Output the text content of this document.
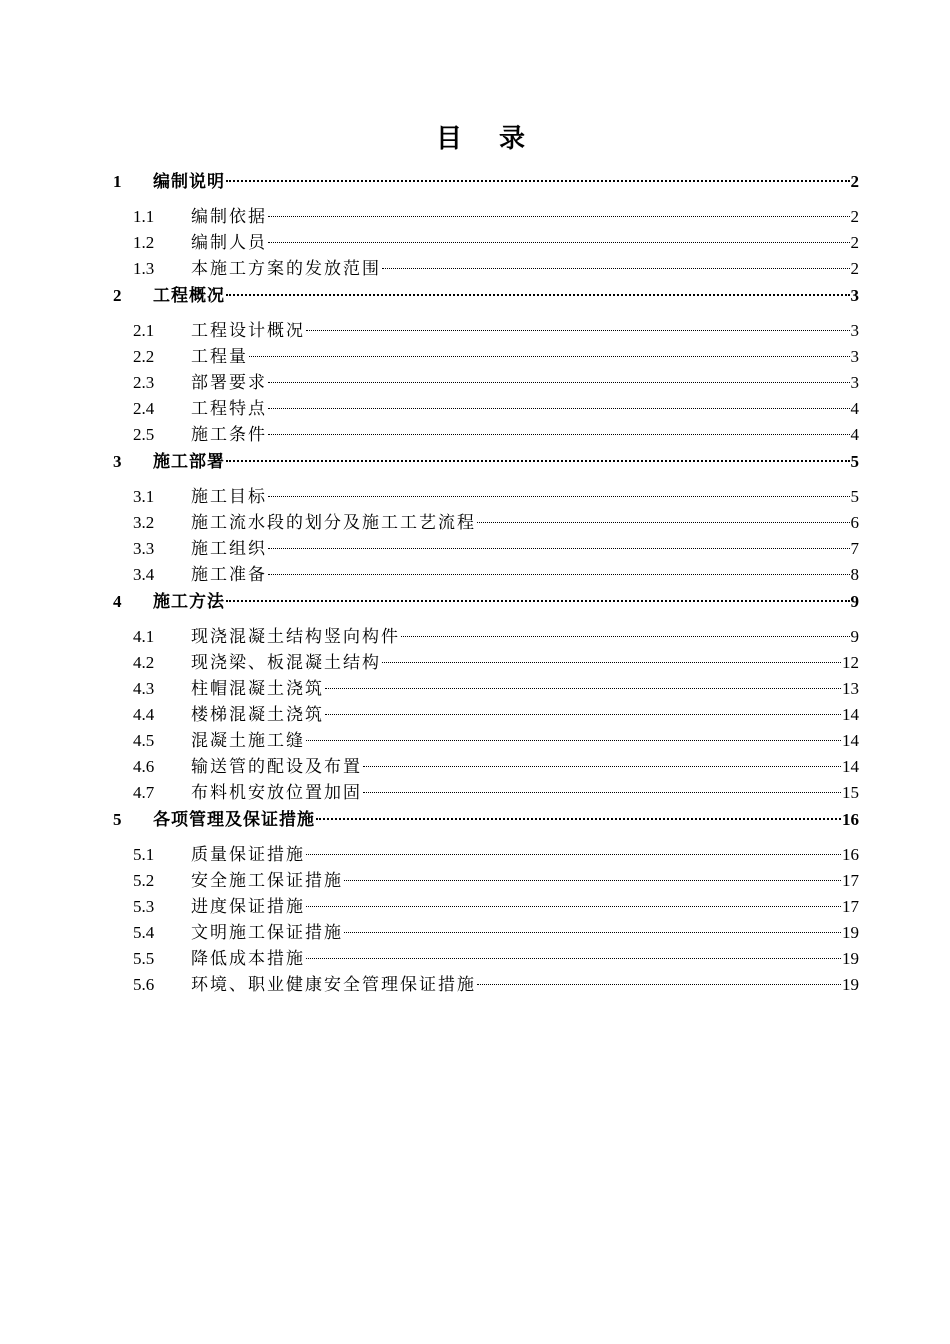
目 录
1	编制说明	2
1.1	编制依据	2
1.2	编制人员	2
1.3	本施工方案的发放范围	2
2	工程概况	3
2.1	工程设计概况	3
2.2	工程量	3
2.3	部署要求	3
2.4	工程特点	4
2.5	施工条件	4
3	施工部署	5
3.1	施工目标	5
3.2	施工流水段的划分及施工工艺流程	6
3.3	施工组织	7
3.4	施工准备	8
4	施工方法	9
4.1	现浇混凝土结构竖向构件	9
4.2	现浇梁、板混凝土结构	12
4.3	柱帽混凝土浇筑	13
4.4	楼梯混凝土浇筑	14
4.5	混凝土施工缝	14
4.6	输送管的配设及布置	14
4.7	布料机安放位置加固	15
5	各项管理及保证措施	16
5.1	质量保证措施	16
5.2	安全施工保证措施	17
5.3	进度保证措施	17
5.4	文明施工保证措施	19
5.5	降低成本措施	19
5.6	环境、职业健康安全管理保证措施	19
